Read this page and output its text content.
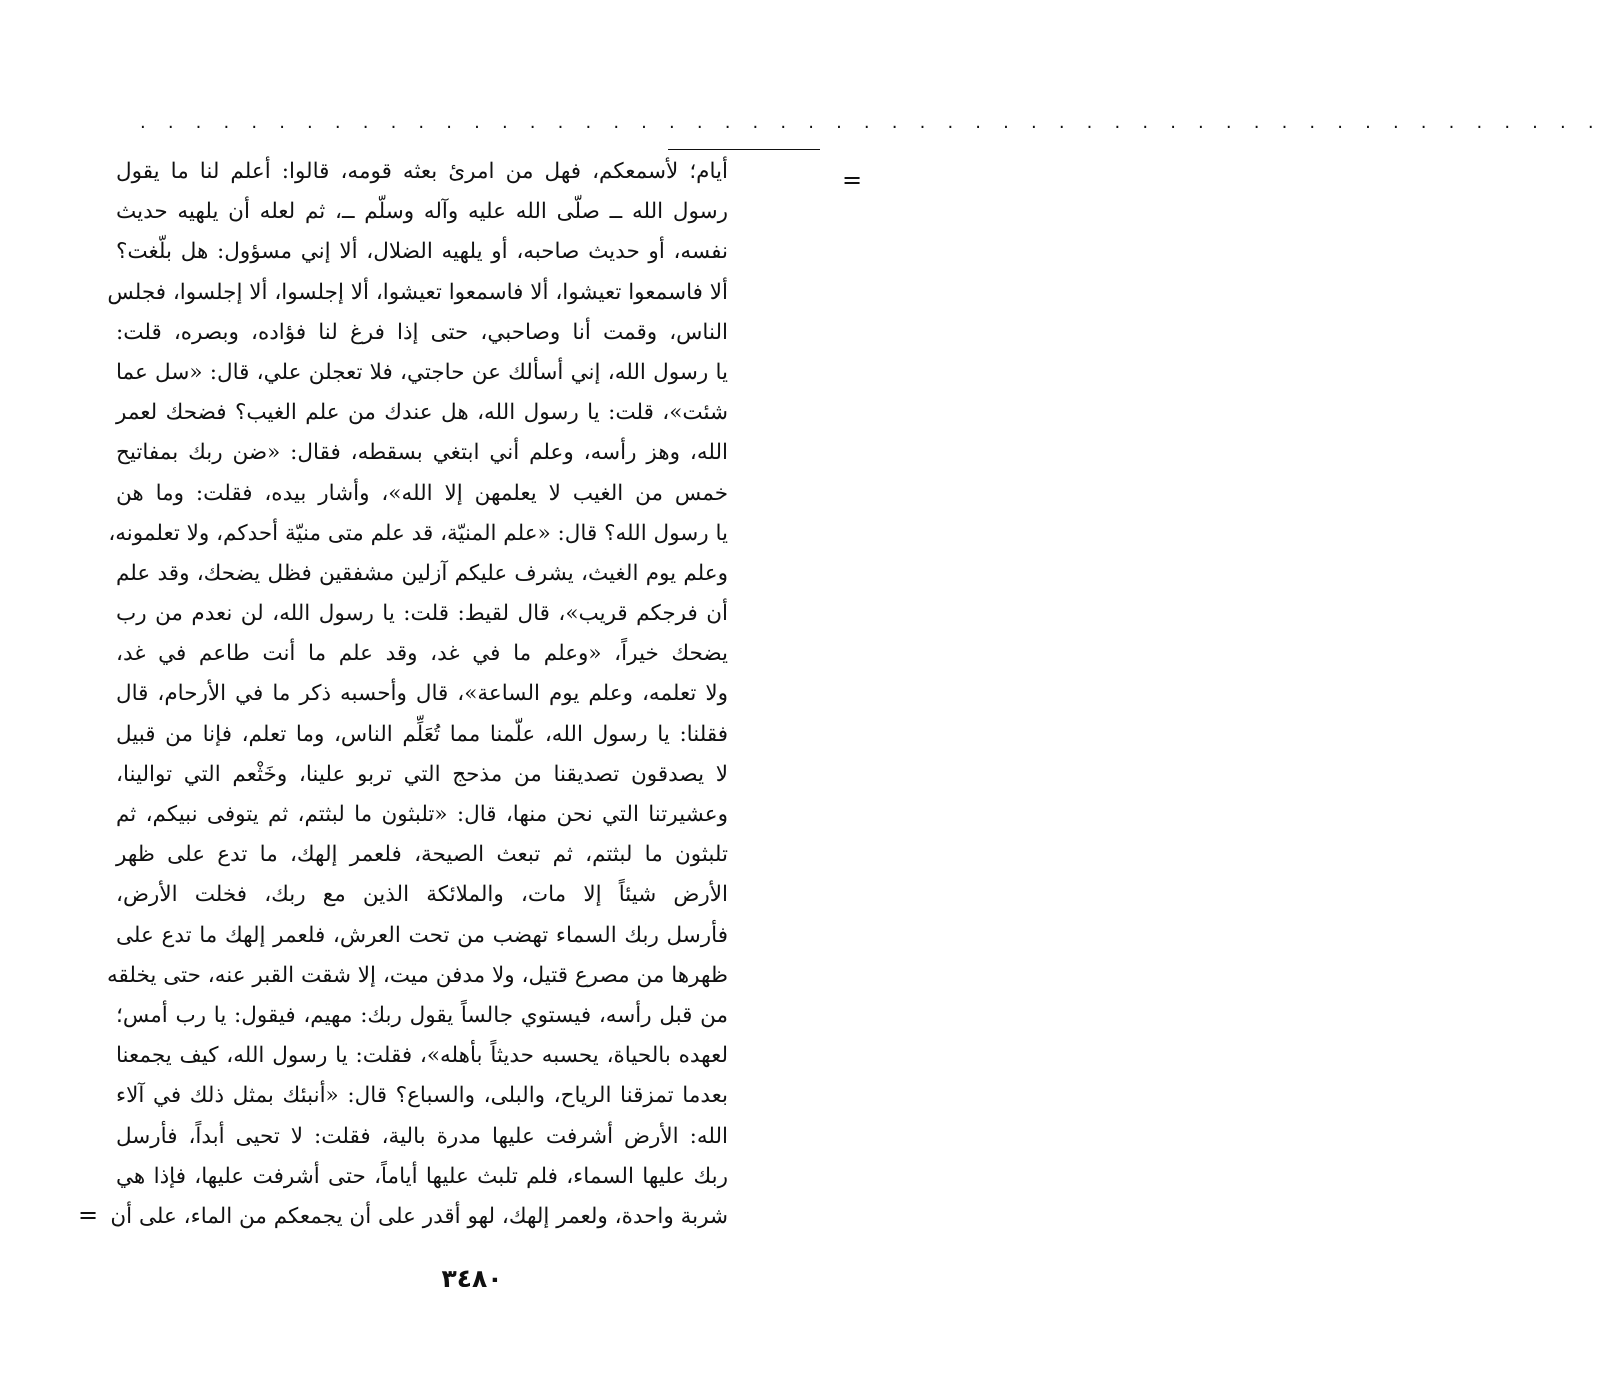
. . . . . . . . . . . . . . . . . . . . . . . . . . . . . . . . . . . . . . . . . . . . . . . . . . . . .
=
أيام؛ لأسمعكم، فهل من امرئ بعثه قومه، قالوا: أعلم لنا ما يقول
رسول الله ــ صلّى الله عليه وآله وسلّم ــ، ثم لعله أن يلهيه حديث
نفسه، أو حديث صاحبه، أو يلهيه الضلال، ألا إني مسؤول: هل بلّغت؟
ألا فاسمعوا تعيشوا، ألا فاسمعوا تعيشوا، ألا إجلسوا، ألا إجلسوا، فجلس
الناس، وقمت أنا وصاحبي، حتى إذا فرغ لنا فؤاده، وبصره، قلت:
يا رسول الله، إني أسألك عن حاجتي، فلا تعجلن علي، قال: «سل عما
شئت»، قلت: يا رسول الله، هل عندك من علم الغيب؟ فضحك لعمر
الله، وهز رأسه، وعلم أني ابتغي بسقطه، فقال: «ضن ربك بمفاتيح
خمس من الغيب لا يعلمهن إلا الله»، وأشار بيده، فقلت: وما هن
يا رسول الله؟ قال: «علم المنيّة، قد علم متى منيّة أحدكم، ولا تعلمونه،
وعلم يوم الغيث، يشرف عليكم آزلين مشفقين فظل يضحك، وقد علم
أن فرجكم قريب»، قال لقيط: قلت: يا رسول الله، لن نعدم من رب
يضحك خيراً، «وعلم ما في غد، وقد علم ما أنت طاعم في غد،
ولا تعلمه، وعلم يوم الساعة»، قال وأحسبه ذكر ما في الأرحام، قال
فقلنا: يا رسول الله، علّمنا مما تُعَلِّم الناس، وما تعلم، فإنا من قبيل
لا يصدقون تصديقنا من مذحج التي تربو علينا، وخَثْعم التي توالينا،
وعشيرتنا التي نحن منها، قال: «تلبثون ما لبثتم، ثم يتوفى نبيكم، ثم
تلبثون ما لبثتم، ثم تبعث الصيحة، فلعمر إلهك، ما تدع على ظهر
الأرض شيئاً إلا مات، والملائكة الذين مع ربك، فخلت الأرض،
فأرسل ربك السماء تهضب من تحت العرش، فلعمر إلهك ما تدع على
ظهرها من مصرع قتيل، ولا مدفن ميت، إلا شقت القبر عنه، حتى يخلقه
من قبل رأسه، فيستوي جالساً يقول ربك: مهيم، فيقول: يا رب أمس؛
لعهده بالحياة، يحسبه حديثاً بأهله»، فقلت: يا رسول الله، كيف يجمعنا
بعدما تمزقنا الرياح، والبلى، والسباع؟ قال: «أنبئك بمثل ذلك في آلاء
الله: الأرض أشرفت عليها مدرة بالية، فقلت: لا تحيى أبداً، فأرسل
ربك عليها السماء، فلم تلبث عليها أياماً، حتى أشرفت عليها، فإذا هي
شربة واحدة، ولعمر إلهك، لهو أقدر على أن يجمعكم من الماء، على أن
=
٣٤٨٠
